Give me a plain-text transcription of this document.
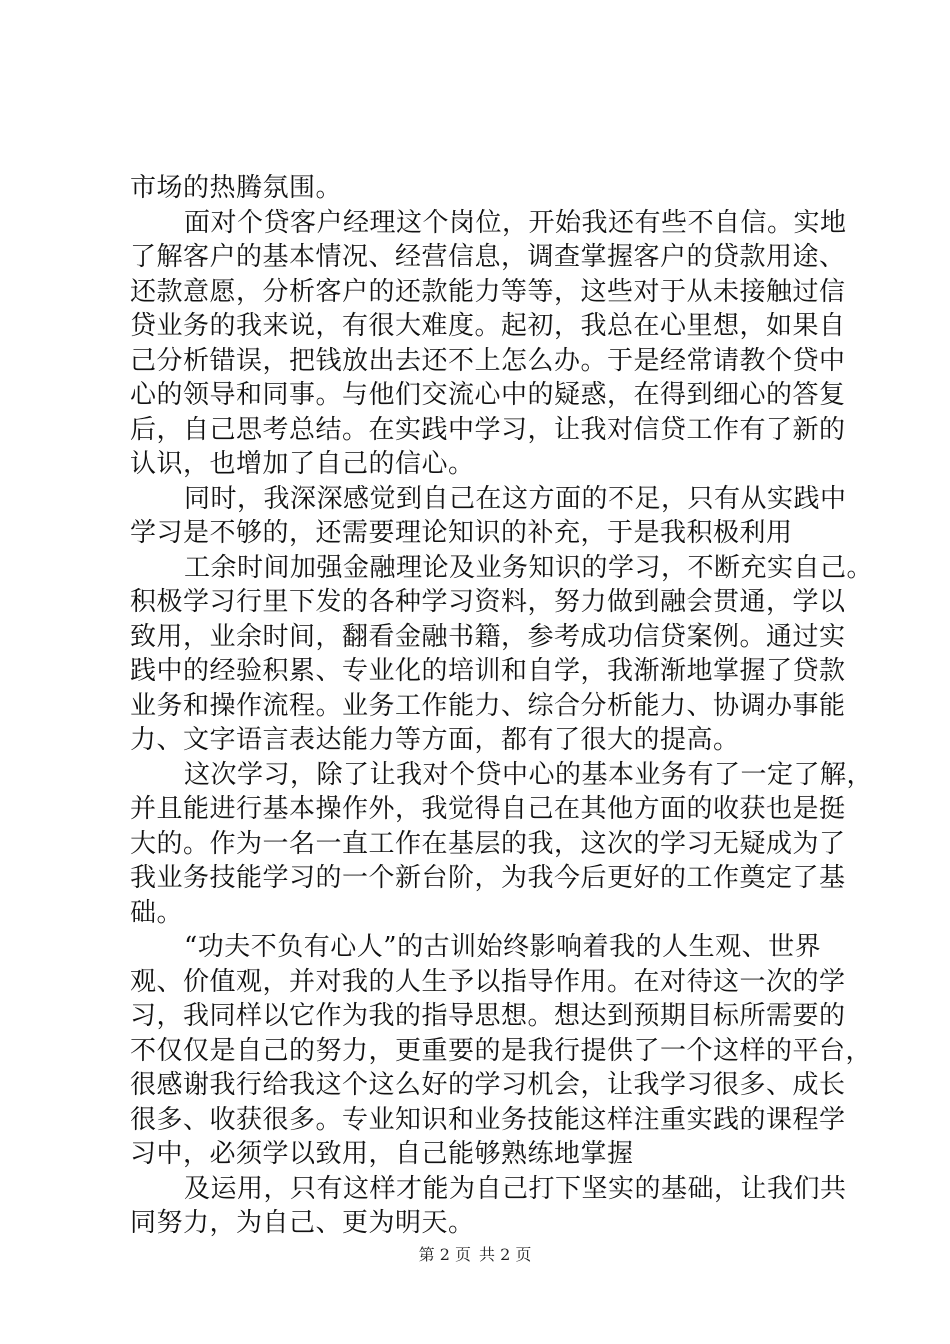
市场的热腾氛围。
面对个贷客户经理这个岗位，开始我还有些不自信。实地
了解客户的基本情况、经营信息，调查掌握客户的贷款用途、
还款意愿，分析客户的还款能力等等，这些对于从未接触过信
贷业务的我来说，有很大难度。起初，我总在心里想，如果自
己分析错误，把钱放出去还不上怎么办。于是经常请教个贷中
心的领导和同事。与他们交流心中的疑惑，在得到细心的答复
后，自己思考总结。在实践中学习，让我对信贷工作有了新的
认识，也增加了自己的信心。
同时，我深深感觉到自己在这方面的不足，只有从实践中
学习是不够的，还需要理论知识的补充，于是我积极利用
工余时间加强金融理论及业务知识的学习，不断充实自己。
积极学习行里下发的各种学习资料，努力做到融会贯通，学以
致用，业余时间，翻看金融书籍，参考成功信贷案例。通过实
践中的经验积累、专业化的培训和自学，我渐渐地掌握了贷款
业务和操作流程。业务工作能力、综合分析能力、协调办事能
力、文字语言表达能力等方面，都有了很大的提高。
这次学习，除了让我对个贷中心的基本业务有了一定了解，
并且能进行基本操作外，我觉得自己在其他方面的收获也是挺
大的。作为一名一直工作在基层的我，这次的学习无疑成为了
我业务技能学习的一个新台阶，为我今后更好的工作奠定了基
础。
“功夫不负有心人”的古训始终影响着我的人生观、世界
观、价值观，并对我的人生予以指导作用。在对待这一次的学
习，我同样以它作为我的指导思想。想达到预期目标所需要的
不仅仅是自己的努力，更重要的是我行提供了一个这样的平台，
很感谢我行给我这个这么好的学习机会，让我学习很多、成长
很多、收获很多。专业知识和业务技能这样注重实践的课程学
习中，必须学以致用，自己能够熟练地掌握
及运用，只有这样才能为自己打下坚实的基础，让我们共
同努力，为自己、更为明天。
第 2 页 共 2 页
